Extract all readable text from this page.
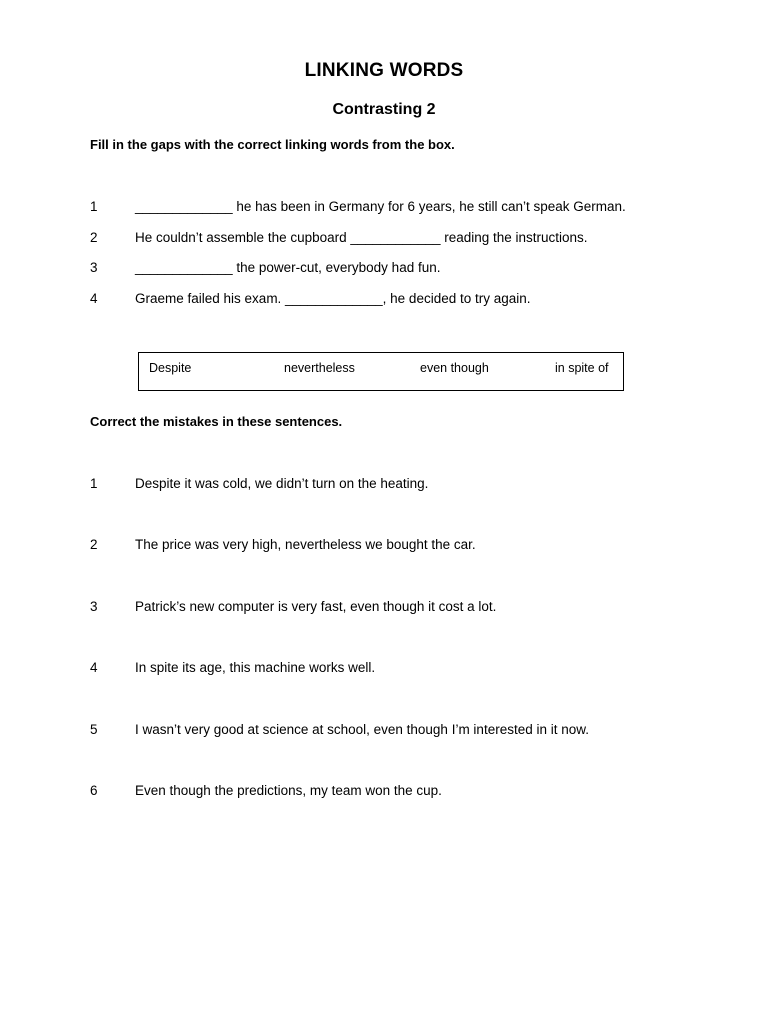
LINKING WORDS
Contrasting 2
Fill in the gaps with the correct linking words from the box.
1	_____________ he has been in Germany for 6 years, he still can’t speak German.
2	He couldn’t assemble the cupboard ____________ reading the instructions.
3	_____________ the power-cut, everybody had fun.
4	Graeme failed his exam. _____________, he decided to try again.
Despite	nevertheless	even though	in spite of
Correct the mistakes in these sentences.
1	Despite it was cold, we didn’t turn on the heating.
2	The price was very high, nevertheless we bought the car.
3	Patrick’s new computer is very fast, even though it cost a lot.
4	In spite its age, this machine works well.
5	I wasn’t very good at science at school, even though I’m interested in it now.
6	Even though the predictions, my team won the cup.
